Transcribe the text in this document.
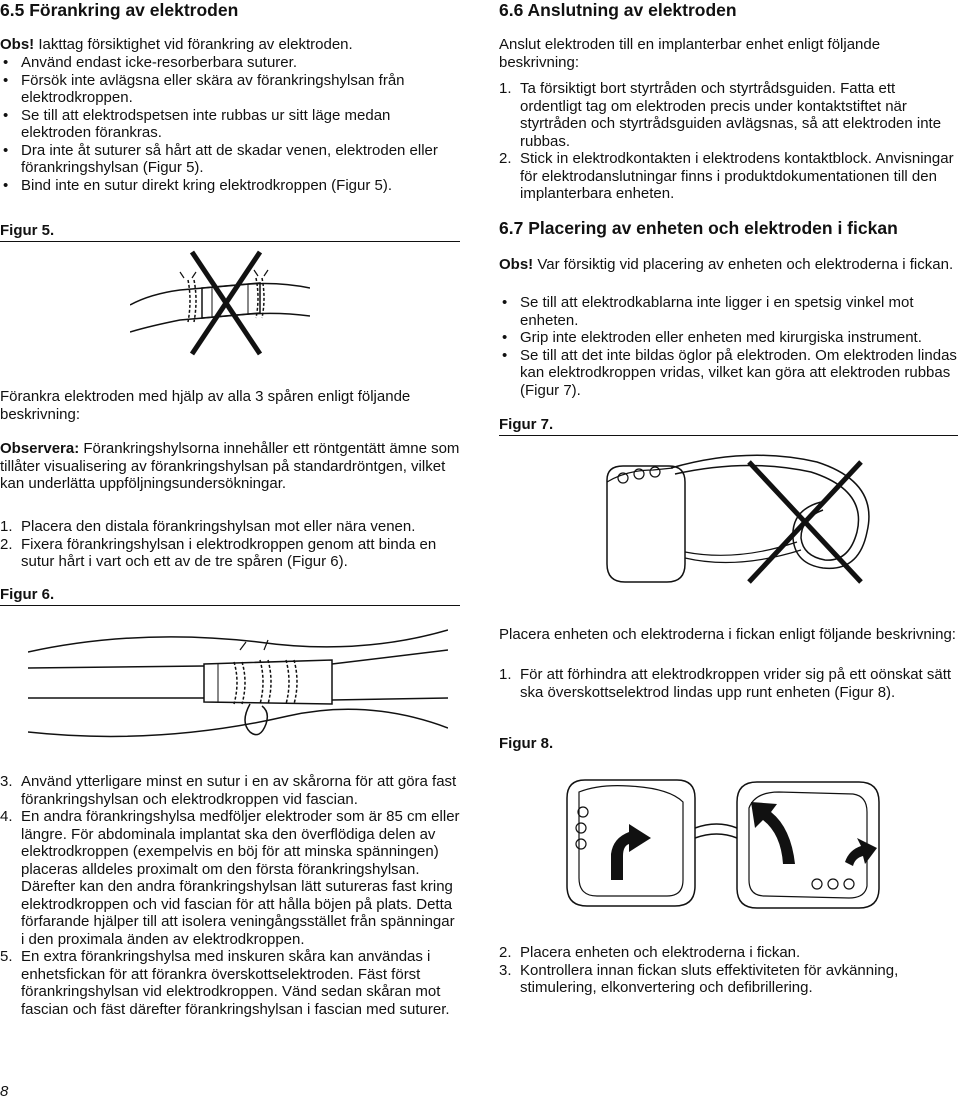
6.5 Förankring av elektroden

Obs! Iakttag försiktighet vid förankring av elektroden.

• Använd endast icke-resorberbara suturer.
• Försök inte avlägsna eller skära av förankringshylsan från elektrodkroppen.
• Se till att elektrodspetsen inte rubbas ur sitt läge medan elektroden förankras.
• Dra inte åt suturer så hårt att de skadar venen, elektroden eller förankringshylsan (Figur 5).
• Bind inte en sutur direkt kring elektrodkroppen (Figur 5).
Figur 5.

Förankra elektroden med hjälp av alla 3 spåren enligt följande beskrivning:

Observera: Förankringshylsorna innehåller ett röntgentätt ämne som tillåter visualisering av förankringshylsan på standardröntgen, vilket kan underlätta uppföljningsundersökningar.

1. Placera den distala förankringshylsan mot eller nära venen.
2. Fixera förankringshylsan i elektrodkroppen genom att binda en sutur hårt i vart och ett av de tre spåren (Figur 6).
Figur 6.
3. Använd ytterligare minst en sutur i en av skårorna för att göra fast förankringshylsan och elektrodkroppen vid fascian.
4. En andra förankringshylsa medföljer elektroder som är 85 cm eller längre. För abdominala implantat ska den överflödiga delen av elektrodkroppen (exempelvis en böj för att minska spänningen) placeras alldeles proximalt om den första förankringshylsan. Därefter kan den andra förankringshylsan lätt sutureras fast kring elektrodkroppen och vid fascian för att hålla böjen på plats. Detta förfarande hjälper till att isolera veningångsstället från spänningar i den proximala änden av elektrodkroppen.
5. En extra förankringshylsa med inskuren skåra kan användas i enhetsfickan för att förankra överskottselektroden. Fäst först förankringshylsan vid elektrodkroppen. Vänd sedan skåran mot fascian och fäst därefter förankringshylsan i fascian med suturer.
6.6 Anslutning av elektroden

Anslut elektroden till en implanterbar enhet enligt följande beskrivning:

1. Ta försiktigt bort styrtråden och styrtrådsguiden. Fatta ett ordentligt tag om elektroden precis under kontaktstiftet när styrtråden och styrtrådsguiden avlägsnas, så att elektroden inte rubbas.
2. Stick in elektrodkontakten i elektrodens kontaktblock. Anvisningar för elektrodanslutningar finns i produktdokumentationen till den implanterbara enheten.
6.7 Placering av enheten och elektroden i fickan

Obs! Var försiktig vid placering av enheten och elektroderna i fickan.

• Se till att elektrodkablarna inte ligger i en spetsig vinkel mot enheten.
• Grip inte elektroden eller enheten med kirurgiska instrument.
• Se till att det inte bildas öglor på elektroden. Om elektroden lindas kan elektrodkroppen vridas, vilket kan göra att elektroden rubbas (Figur 7).
Figur 7.

Placera enheten och elektroderna i fickan enligt följande beskrivning:

1. För att förhindra att elektrodkroppen vrider sig på ett oönskat sätt ska överskottselektrod lindas upp runt enheten (Figur 8).
Figur 8.
2. Placera enheten och elektroderna i fickan.
3. Kontrollera innan fickan sluts effektiviteten för avkänning, stimulering, elkonvertering och defibrillering.
8
